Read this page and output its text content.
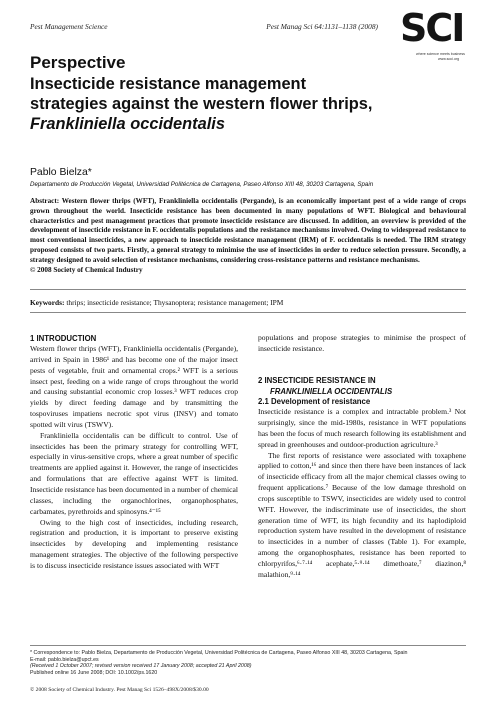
Pest Management Science	Pest Manag Sci 64:1131–1138 (2008) SCI
where science meets business
www.soci.org
Perspective
Insecticide resistance management
strategies against the western flower thrips,
Frankliniella occidentalis
Pablo Bielza*
Departamento de Producción Vegetal, Universidad Politécnica de Cartagena, Paseo Alfonso XIII 48, 30203 Cartagena, Spain
Abstract: Western flower thrips (WFT), Frankliniella occidentalis (Pergande), is an economically important pest of a wide range of crops grown throughout the world. Insecticide resistance has been documented in many populations of WFT. Biological and behavioural characteristics and pest management practices that promote insecticide resistance are discussed. In addition, an overview is provided of the development of insecticide resistance in F. occidentalis populations and the resistance mechanisms involved. Owing to widespread resistance to most conventional insecticides, a new approach to insecticide resistance management (IRM) of F. occidentalis is needed. The IRM strategy proposed consists of two parts. Firstly, a general strategy to minimise the use of insecticides in order to reduce selection pressure. Secondly, a strategy designed to avoid selection of resistance mechanisms, considering cross-resistance patterns and resistance mechanisms.
© 2008 Society of Chemical Industry
Keywords: thrips; insecticide resistance; Thysanoptera; resistance management; IPM
1 INTRODUCTION

Western flower thrips (WFT), Frankliniella occidentalis (Pergande), arrived in Spain in 1986¹ and has become one of the major insect pests of vegetable, fruit and ornamental crops.² WFT is a serious insect pest, feeding on a wide range of crops throughout the world and causing substantial economic crop losses.³ WFT reduces crop yields by direct feeding damage and by transmitting the tospoviruses impatiens necrotic spot virus (INSV) and tomato spotted wilt virus (TSWV).

Frankliniella occidentalis can be difficult to control. Use of insecticides has been the primary strategy for controlling WFT, especially in virus-sensitive crops, where a great number of specific treatments are applied against it. However, the range of insecticides and formulations that are effective against WFT is limited. Insecticide resistance has been documented in a number of chemical classes, including the organochlorines, organophosphates, carbamates, pyrethroids and spinosyns.⁴⁻¹⁵

Owing to the high cost of insecticides, including research, registration and production, it is important to preserve existing insecticides by developing and implementing resistance management strategies. The objective of the following perspective is to discuss insecticide resistance issues associated with WFT

populations and propose strategies to minimise the prospect of insecticide resistance.

2 INSECTICIDE RESISTANCE IN
FRANKLINIELLA OCCIDENTALIS
2.1 Development of resistance

Insecticide resistance is a complex and intractable problem.³ Not surprisingly, since the mid-1980s, resistance in WFT populations has been the focus of much research following its establishment and spread in greenhouses and outdoor-production agriculture.³

The first reports of resistance were associated with toxaphene applied to cotton,¹⁶ and since then there have been instances of lack of insecticide efficacy from all the major chemical classes owing to frequent applications.⁷ Because of the low damage threshold on crops susceptible to TSWV, insecticides are widely used to control WFT. However, the indiscriminate use of insecticides, the short generation time of WFT, its high fecundity and its haplodiploid reproduction system have resulted in the development of resistance to insecticides in a number of classes (Table 1). For example, among the organophosphates, resistance has been reported to chlorpyrifos,⁶·⁷·¹⁴ acephate,⁵·⁹·¹⁴ dimethoate,⁷ diazinon,⁸ malathion,⁹·¹⁴

* Correspondence to: Pablo Bielza, Departamento de Producción Vegetal, Universidad Politécnica de Cartagena, Paseo Alfonso XIII 48, 30203 Cartagena, Spain
E-mail: pablo.bielza@upct.es
(Received 1 October 2007; revised version received 17 January 2008; accepted 21 April 2008)
Published online 16 June 2008; DOI: 10.1002/ps.1620
© 2008 Society of Chemical Industry. Pest Manag Sci 1526–498X/2008/$30.00
